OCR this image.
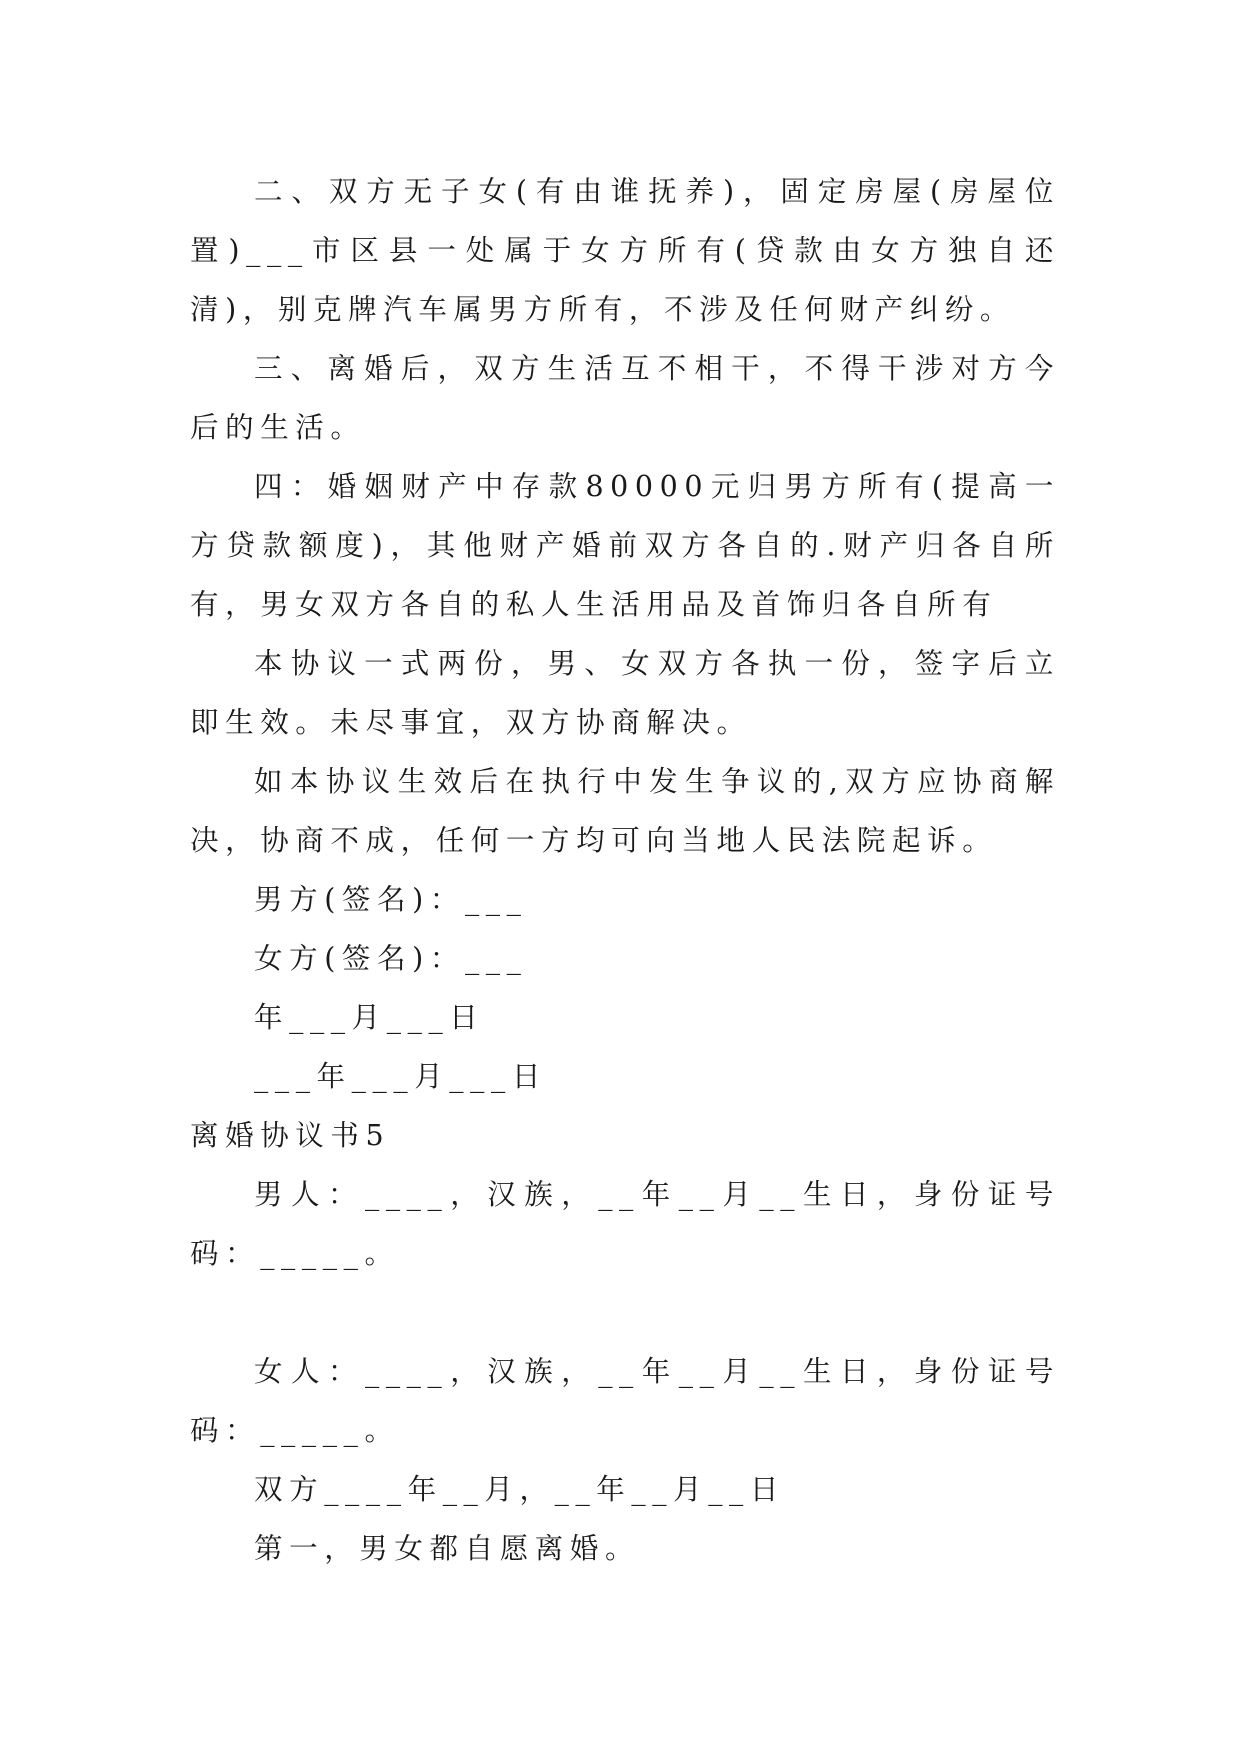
二、双方无子女(有由谁抚养)，固定房屋(房屋位置)___市区县一处属于女方所有(贷款由女方独自还清)，别克牌汽车属男方所有，不涉及任何财产纠纷。

三、离婚后，双方生活互不相干，不得干涉对方今后的生活。

四：婚姻财产中存款80000元归男方所有(提高一方贷款额度)，其他财产婚前双方各自的.财产归各自所有，男女双方各自的私人生活用品及首饰归各自所有

本协议一式两份，男、女双方各执一份，签字后立即生效。未尽事宜，双方协商解决。

如本协议生效后在执行中发生争议的,双方应协商解决，协商不成，任何一方均可向当地人民法院起诉。

男方(签名)：___

女方(签名)：___

年___月___日

___年___月___日

离婚协议书5

男人：____，汉族，__年__月__生日，身份证号码：_____。

女人：____，汉族，__年__月__生日，身份证号码：_____。

双方____年__月，__年__月__日

第一，男女都自愿离婚。
